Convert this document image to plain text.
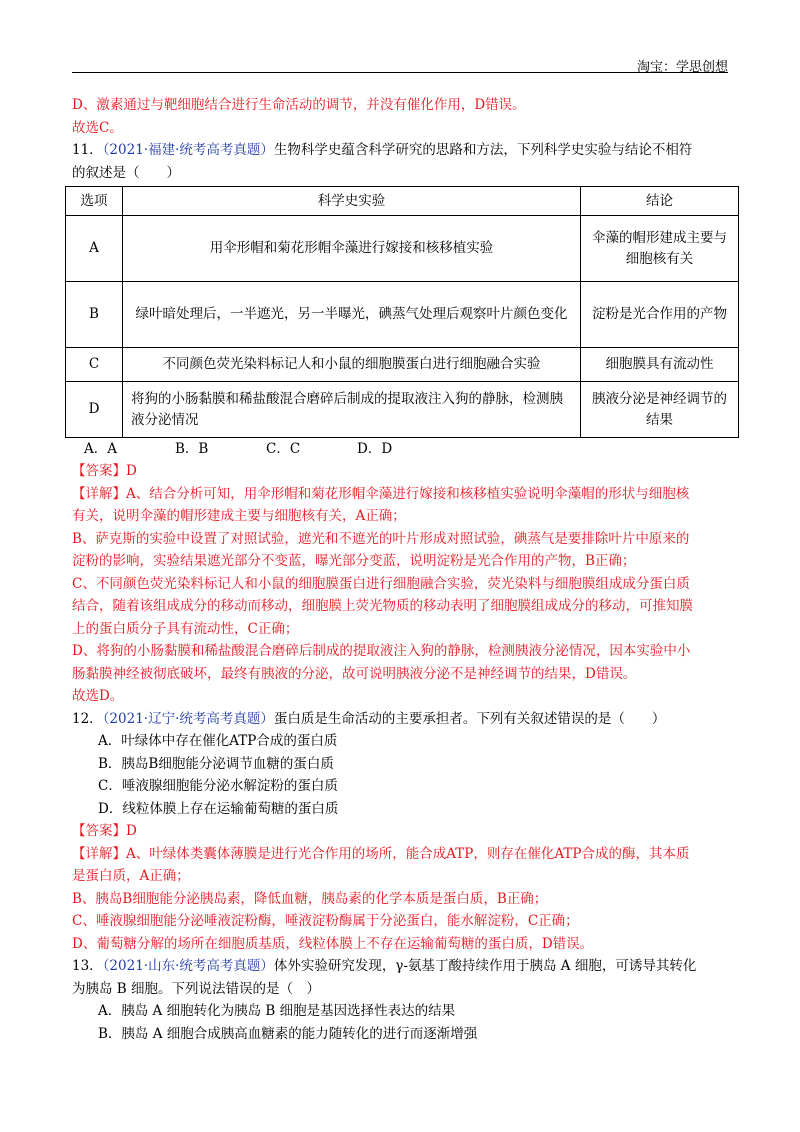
淘宝：学思创想
D、激素通过与靶细胞结合进行生命活动的调节，并没有催化作用，D错误。
故选C。
11．（2021·福建·统考高考真题）生物科学史蕴含科学研究的思路和方法，下列科学史实验与结论不相符
的叙述是（　　）
选项	科学史实验	结论
A	用伞形帽和菊花形帽伞藻进行嫁接和核移植实验	伞藻的帽形建成主要与细胞核有关
B	绿叶暗处理后，一半遮光，另一半曝光，碘蒸气处理后观察叶片颜色变化	淀粉是光合作用的产物
C	不同颜色荧光染料标记人和小鼠的细胞膜蛋白进行细胞融合实验	细胞膜具有流动性
D	将狗的小肠黏膜和稀盐酸混合磨碎后制成的提取液注入狗的静脉，检测胰液分泌情况	胰液分泌是神经调节的结果
A．A	B．B	C．C	D．D
【答案】D
【详解】A、结合分析可知，用伞形帽和菊花形帽伞藻进行嫁接和核移植实验说明伞藻帽的形状与细胞核
有关，说明伞藻的帽形建成主要与细胞核有关，A正确；
B、萨克斯的实验中设置了对照试验，遮光和不遮光的叶片形成对照试验，碘蒸气是要排除叶片中原来的
淀粉的影响，实验结果遮光部分不变蓝，曝光部分变蓝，说明淀粉是光合作用的产物，B正确；
C、不同颜色荧光染料标记人和小鼠的细胞膜蛋白进行细胞融合实验，荧光染料与细胞膜组成成分蛋白质
结合，随着该组成成分的移动而移动，细胞膜上荧光物质的移动表明了细胞膜组成成分的移动，可推知膜
上的蛋白质分子具有流动性，C正确；
D、将狗的小肠黏膜和稀盐酸混合磨碎后制成的提取液注入狗的静脉，检测胰液分泌情况，因本实验中小
肠黏膜神经被彻底破坏，最终有胰液的分泌，故可说明胰液分泌不是神经调节的结果，D错误。
故选D。
12．（2021·辽宁·统考高考真题）蛋白质是生命活动的主要承担者。下列有关叙述错误的是（　　）
A．叶绿体中存在催化ATP合成的蛋白质
B．胰岛B细胞能分泌调节血糖的蛋白质
C．唾液腺细胞能分泌水解淀粉的蛋白质
D．线粒体膜上存在运输葡萄糖的蛋白质
【答案】D
【详解】A、叶绿体类囊体薄膜是进行光合作用的场所，能合成ATP，则存在催化ATP合成的酶，其本质
是蛋白质，A正确；
B、胰岛B细胞能分泌胰岛素，降低血糖，胰岛素的化学本质是蛋白质，B正确；
C、唾液腺细胞能分泌唾液淀粉酶，唾液淀粉酶属于分泌蛋白，能水解淀粉，C正确；
D、葡萄糖分解的场所在细胞质基质，线粒体膜上不存在运输葡萄糖的蛋白质，D错误。
13．（2021·山东·统考高考真题）体外实验研究发现，γ-氨基丁酸持续作用于胰岛 A 细胞，可诱导其转化
为胰岛 B 细胞。下列说法错误的是（　）
A．胰岛 A 细胞转化为胰岛 B 细胞是基因选择性表达的结果
B．胰岛 A 细胞合成胰高血糖素的能力随转化的进行而逐渐增强
